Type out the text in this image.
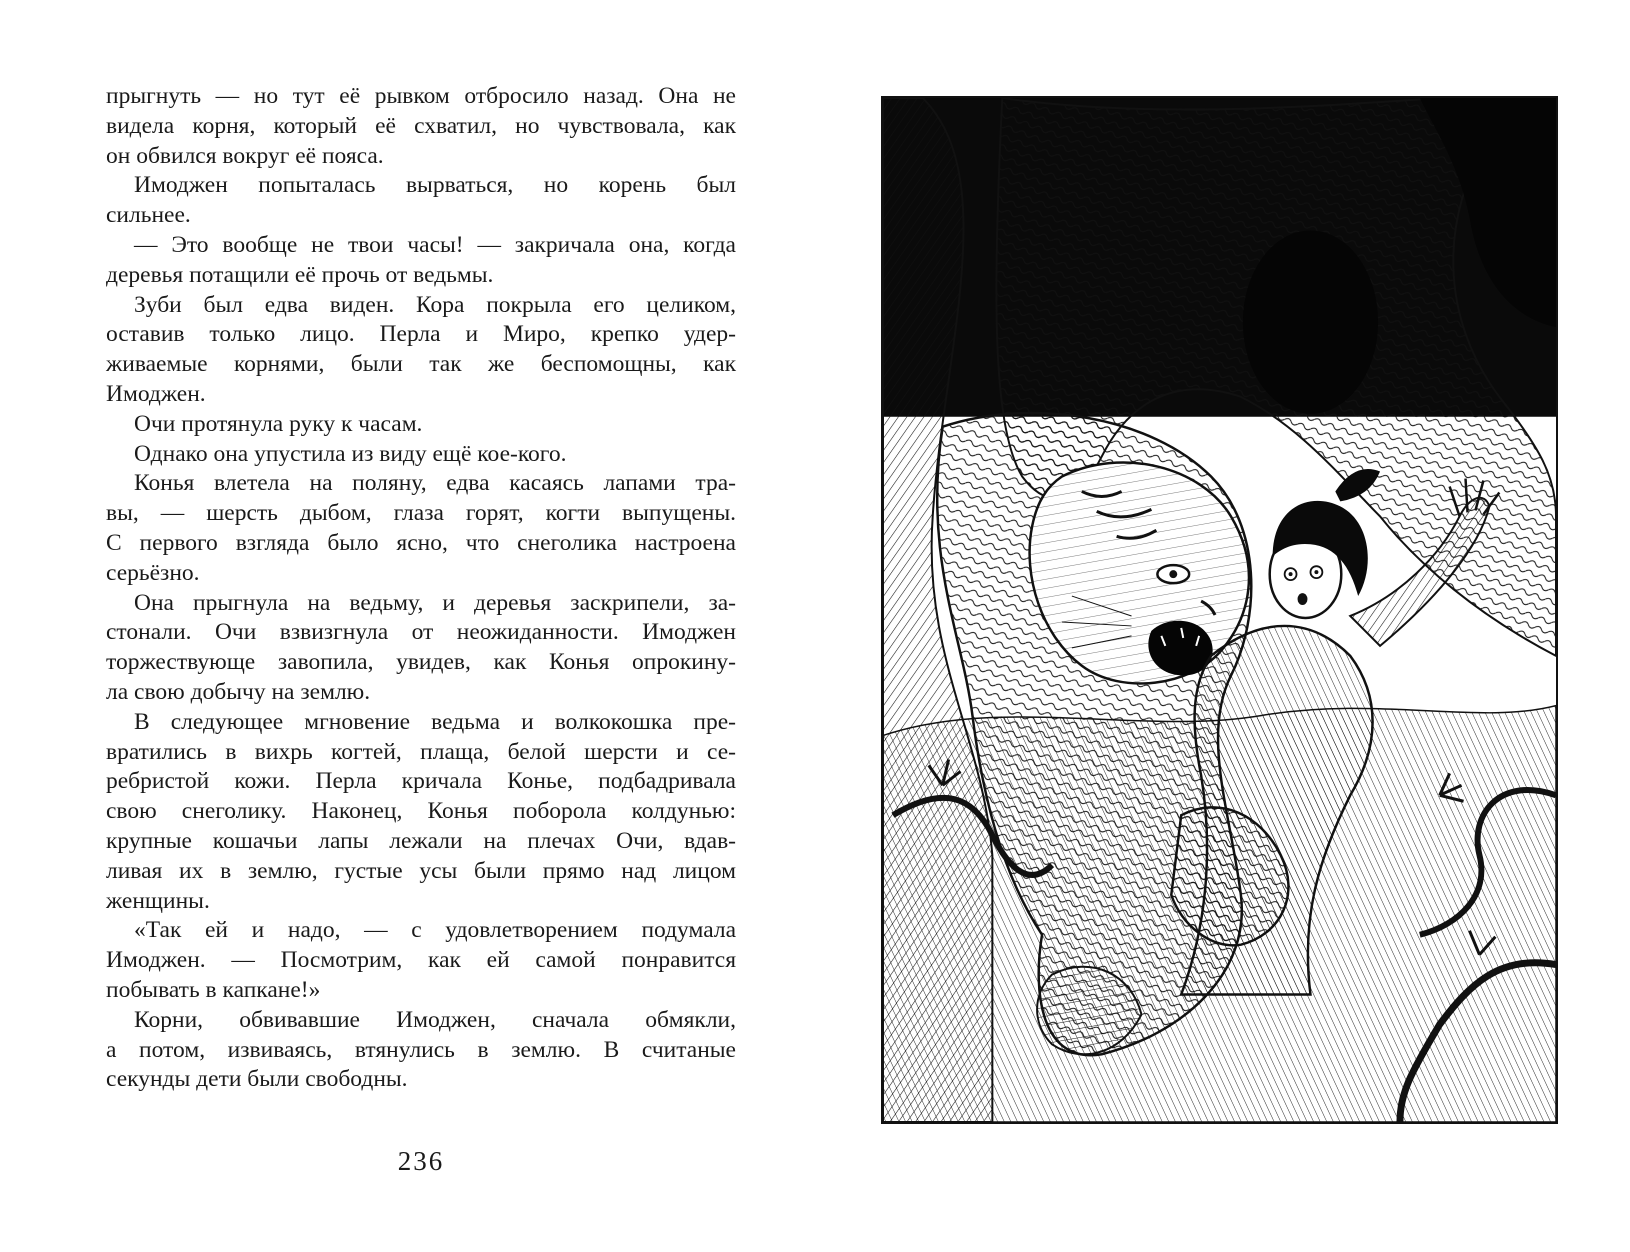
прыгнуть — но тут её рывком отбросило назад. Она не
видела корня, который её схватил, но чувствовала, как
он обвился вокруг её пояса.
Имоджен попыталась вырваться, но корень был
сильнее.
— Это вообще не твои часы! — закричала она, когда
деревья потащили её прочь от ведьмы.
Зуби был едва виден. Кора покрыла его целиком,
оставив только лицо. Перла и Миро, крепко удер-
живаемые корнями, были так же беспомощны, как
Имоджен.
Очи протянула руку к часам.
Однако она упустила из виду ещё кое-кого.
Конья влетела на поляну, едва касаясь лапами тра-
вы, — шерсть дыбом, глаза горят, когти выпущены.
С первого взгляда было ясно, что снеголика настроена
серьёзно.
Она прыгнула на ведьму, и деревья заскрипели, за-
стонали. Очи взвизгнула от неожиданности. Имоджен
торжествующе завопила, увидев, как Конья опрокину-
ла свою добычу на землю.
В следующее мгновение ведьма и волкокошка пре-
вратились в вихрь когтей, плаща, белой шерсти и се-
ребристой кожи. Перла кричала Конье, подбадривала
свою снеголику. Наконец, Конья поборола колдунью:
крупные кошачьи лапы лежали на плечах Очи, вдав-
ливая их в землю, густые усы были прямо над лицом
женщины.
«Так ей и надо, — с удовлетворением подумала
Имоджен. — Посмотрим, как ей самой понравится
побывать в капкане!»
Корни, обвивавшие Имоджен, сначала обмякли,
а потом, извиваясь, втянулись в землю. В считаные
секунды дети были свободны.
236
